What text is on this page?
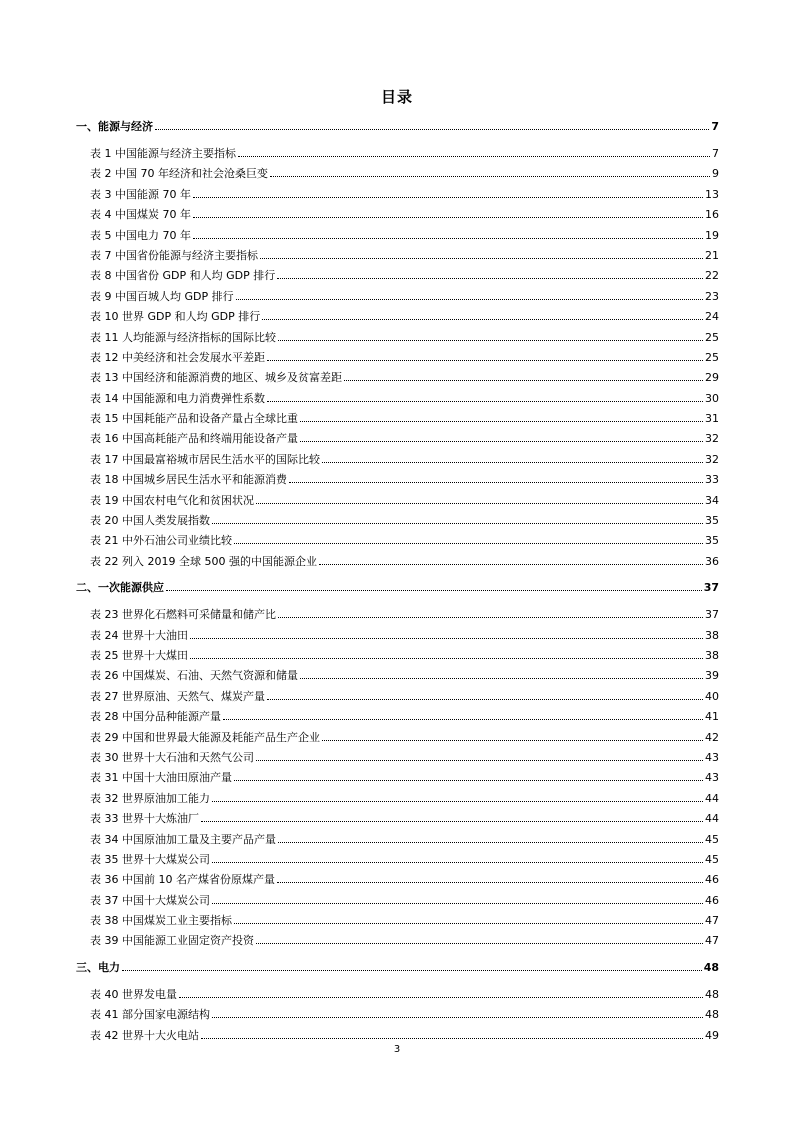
目录
一、能源与经济	7
表 1 中国能源与经济主要指标	7
表 2 中国 70 年经济和社会沧桑巨变	9
表 3 中国能源 70 年	13
表 4 中国煤炭 70 年	16
表 5 中国电力 70 年	19
表 7 中国省份能源与经济主要指标	21
表 8 中国省份 GDP 和人均 GDP 排行	22
表 9 中国百城人均 GDP 排行	23
表 10 世界 GDP 和人均 GDP 排行	24
表 11 人均能源与经济指标的国际比较	25
表 12 中美经济和社会发展水平差距	25
表 13 中国经济和能源消费的地区、城乡及贫富差距	29
表 14 中国能源和电力消费弹性系数	30
表 15 中国耗能产品和设备产量占全球比重	31
表 16 中国高耗能产品和终端用能设备产量	32
表 17 中国最富裕城市居民生活水平的国际比较	32
表 18 中国城乡居民生活水平和能源消费	33
表 19 中国农村电气化和贫困状况	34
表 20 中国人类发展指数	35
表 21 中外石油公司业绩比较	35
表 22 列入 2019 全球 500 强的中国能源企业	36
二、一次能源供应	37
表 23 世界化石燃料可采储量和储产比	37
表 24 世界十大油田	38
表 25 世界十大煤田	38
表 26 中国煤炭、石油、天然气资源和储量	39
表 27 世界原油、天然气、煤炭产量	40
表 28 中国分品种能源产量	41
表 29 中国和世界最大能源及耗能产品生产企业	42
表 30 世界十大石油和天然气公司	43
表 31 中国十大油田原油产量	43
表 32 世界原油加工能力	44
表 33 世界十大炼油厂	44
表 34 中国原油加工量及主要产品产量	45
表 35 世界十大煤炭公司	45
表 36 中国前 10 名产煤省份原煤产量	46
表 37 中国十大煤炭公司	46
表 38 中国煤炭工业主要指标	47
表 39 中国能源工业固定资产投资	47
三、电力	48
表 40 世界发电量	48
表 41 部分国家电源结构	48
表 42 世界十大火电站	49
3
